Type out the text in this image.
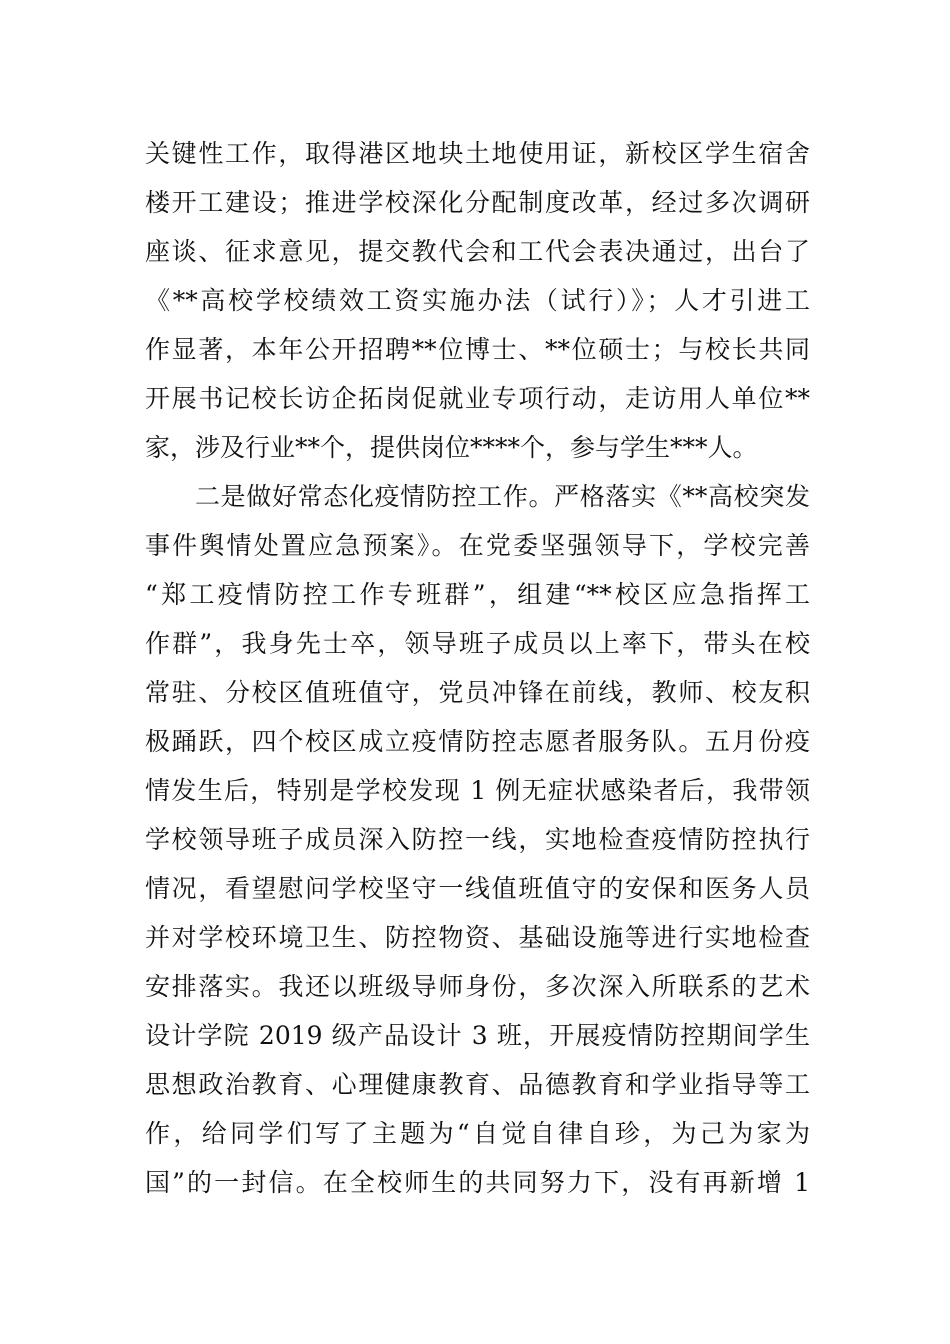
关键性工作，取得港区地块土地使用证，新校区学生宿舍
楼开工建设；推进学校深化分配制度改革，经过多次调研
座谈、征求意见，提交教代会和工代会表决通过，出台了
《**高校学校绩效工资实施办法（试行）》；人才引进工
作显著，本年公开招聘**位博士、**位硕士；与校长共同
开展书记校长访企拓岗促就业专项行动，走访用人单位**
家，涉及行业**个，提供岗位****个，参与学生***人。
二是做好常态化疫情防控工作。严格落实《**高校突发
事件舆情处置应急预案》。在党委坚强领导下，学校完善
“郑工疫情防控工作专班群”，组建“**校区应急指挥工
作群”，我身先士卒，领导班子成员以上率下，带头在校
常驻、分校区值班值守，党员冲锋在前线，教师、校友积
极踊跃，四个校区成立疫情防控志愿者服务队。五月份疫
情发生后，特别是学校发现 1 例无症状感染者后，我带领
学校领导班子成员深入防控一线，实地检查疫情防控执行
情况，看望慰问学校坚守一线值班值守的安保和医务人员
并对学校环境卫生、防控物资、基础设施等进行实地检查
安排落实。我还以班级导师身份，多次深入所联系的艺术
设计学院 2019 级产品设计 3 班，开展疫情防控期间学生
思想政治教育、心理健康教育、品德教育和学业指导等工
作，给同学们写了主题为“自觉自律自珍，为己为家为
国”的一封信。在全校师生的共同努力下，没有再新增 1
